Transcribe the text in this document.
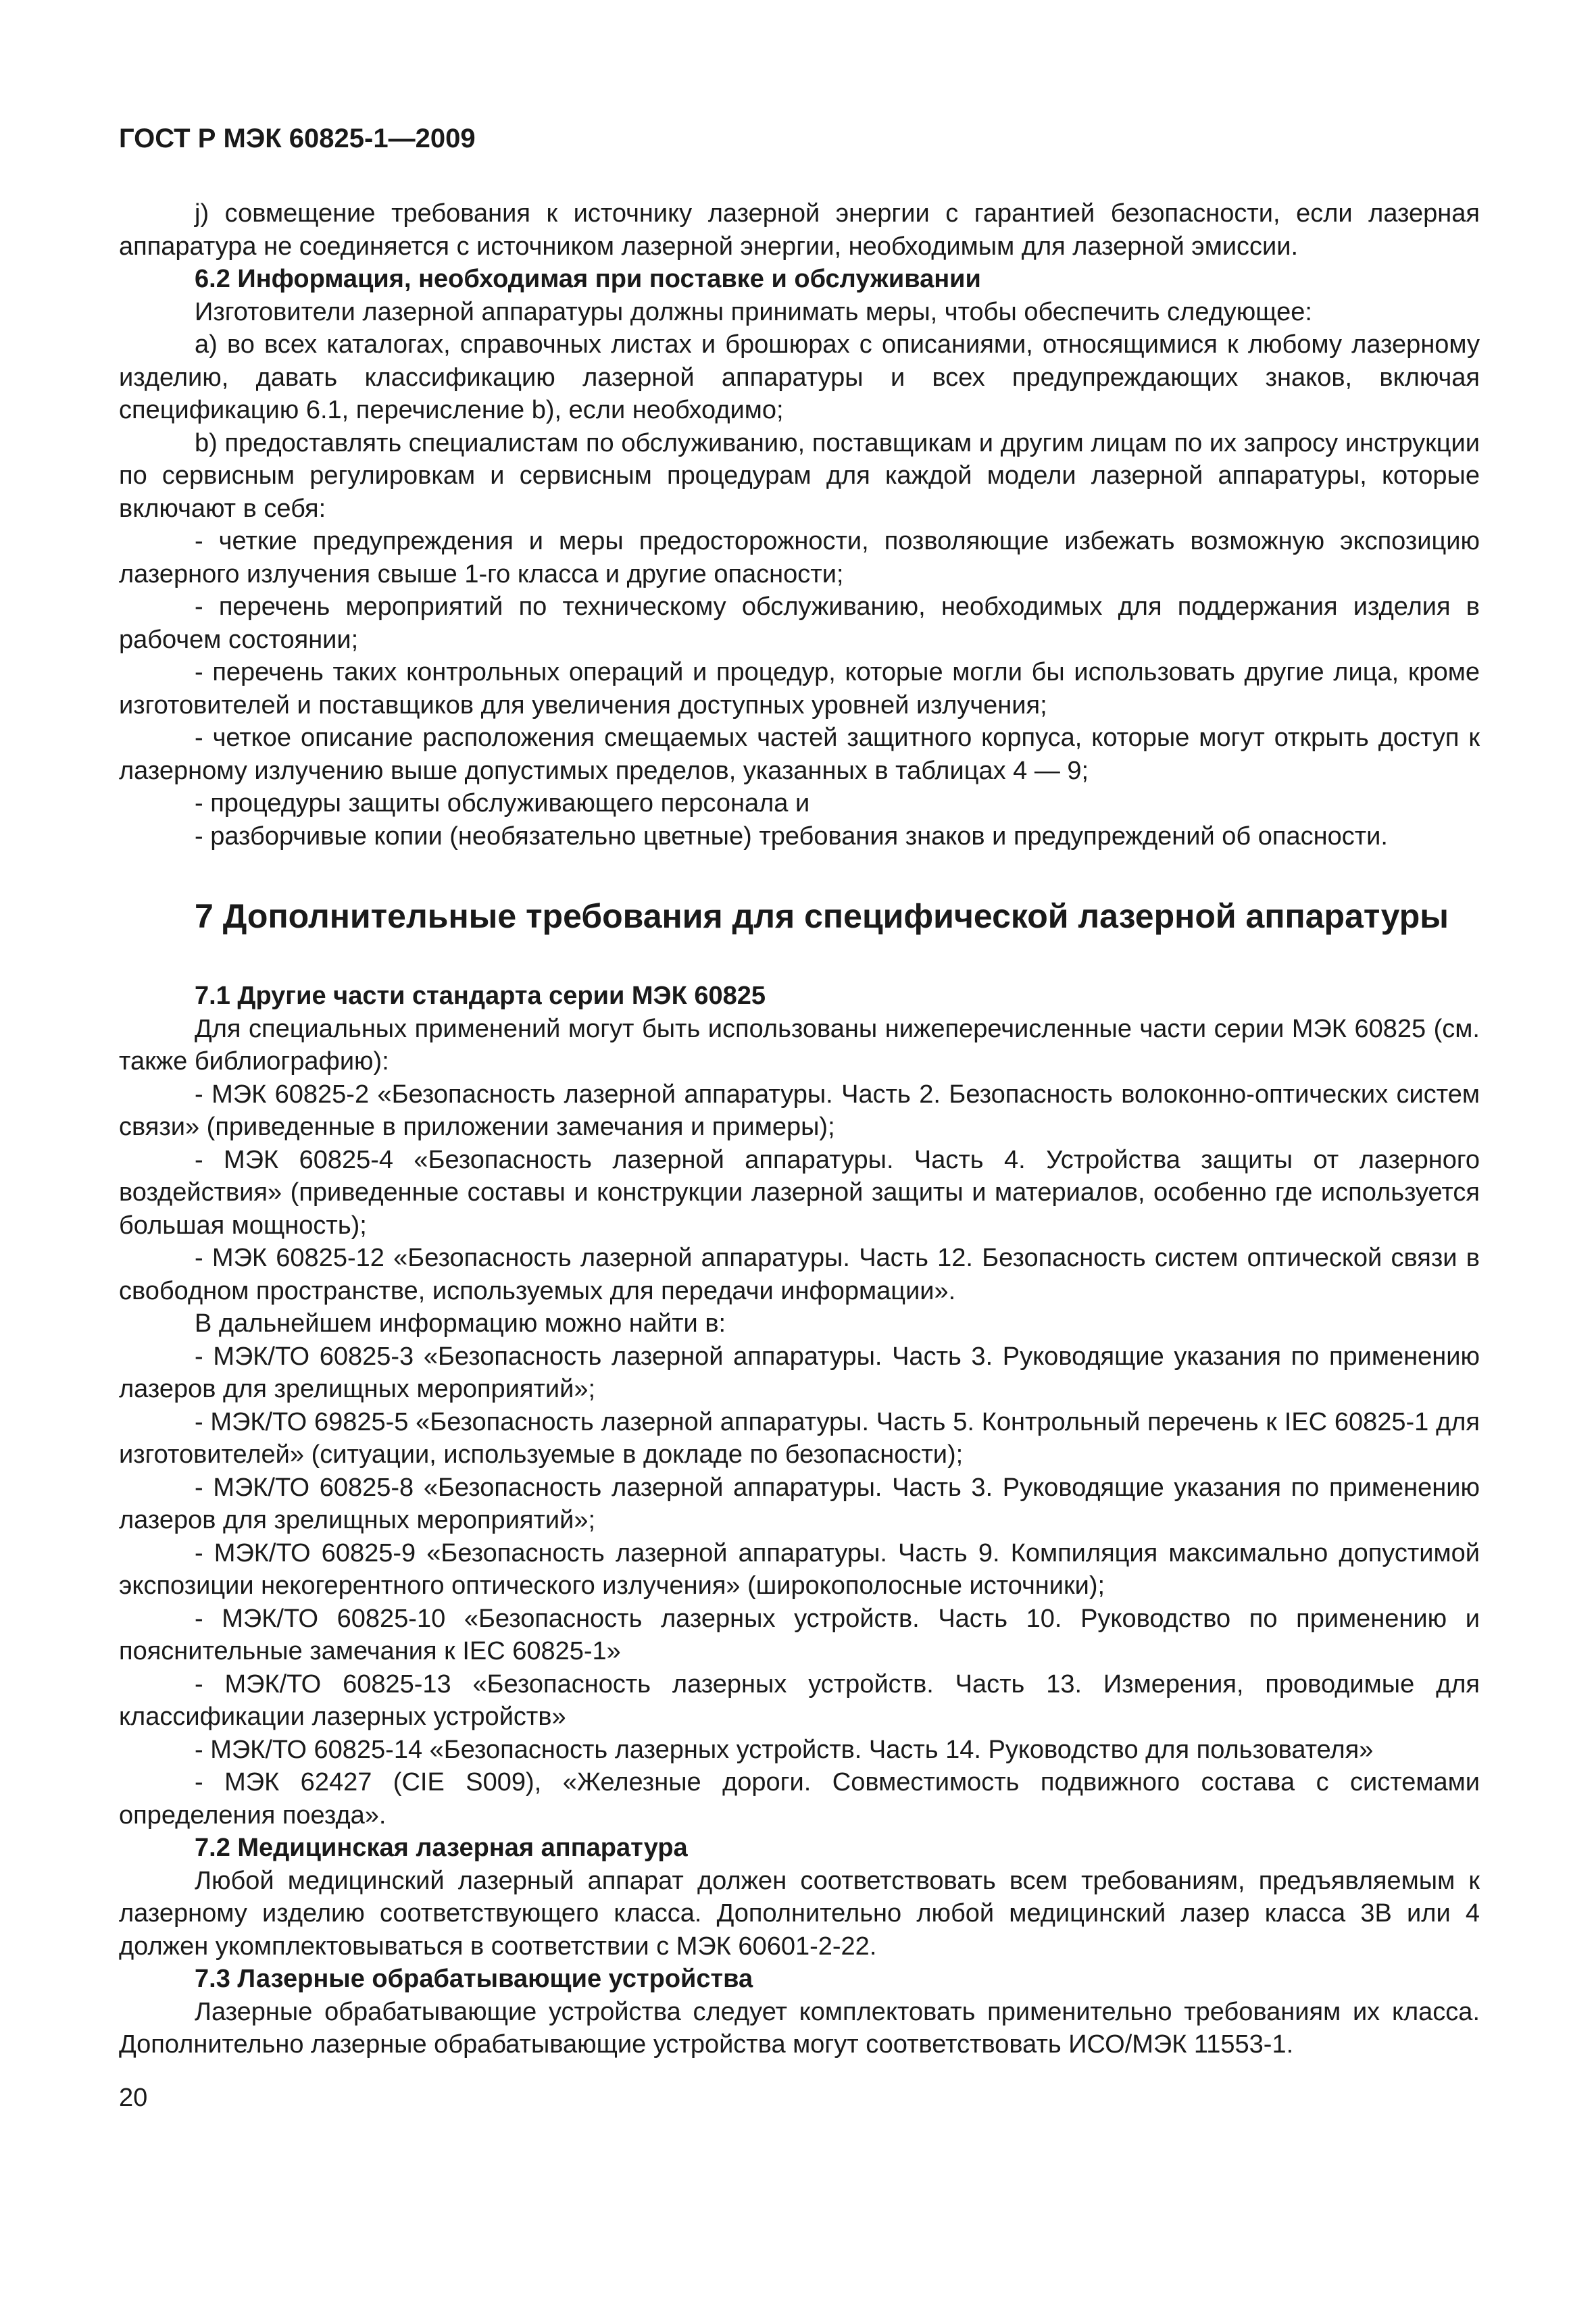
ГОСТ Р МЭК 60825-1—2009

j) совмещение требования к источнику лазерной энергии с гарантией безопасности, если лазерная аппаратура не соединяется с источником лазерной энергии, необходимым для лазерной эмиссии.

6.2 Информация, необходимая при поставке и обслуживании

Изготовители лазерной аппаратуры должны принимать меры, чтобы обеспечить следующее:

а) во всех каталогах, справочных листах и брошюрах с описаниями, относящимися к любому лазерному изделию, давать классификацию лазерной аппаратуры и всех предупреждающих знаков, включая спецификацию 6.1, перечисление b), если необходимо;

b) предоставлять специалистам по обслуживанию, поставщикам и другим лицам по их запросу инструкции по сервисным регулировкам и сервисным процедурам для каждой модели лазерной аппаратуры, которые включают в себя:

- четкие предупреждения и меры предосторожности, позволяющие избежать возможную экспозицию лазерного излучения свыше 1-го класса и другие опасности;

- перечень мероприятий по техническому обслуживанию, необходимых для поддержания изделия в рабочем состоянии;

- перечень таких контрольных операций и процедур, которые могли бы использовать другие лица, кроме изготовителей и поставщиков для увеличения доступных уровней излучения;

- четкое описание расположения смещаемых частей защитного корпуса, которые могут открыть доступ к лазерному излучению выше допустимых пределов, указанных в таблицах 4 — 9;

- процедуры защиты обслуживающего персонала и

- разборчивые копии (необязательно цветные) требования знаков и предупреждений об опасности.

7 Дополнительные требования для специфической лазерной аппаратуры

7.1 Другие части стандарта серии МЭК 60825

Для специальных применений могут быть использованы нижеперечисленные части серии МЭК 60825 (см. также библиографию):

- МЭК 60825-2 «Безопасность лазерной аппаратуры. Часть 2. Безопасность волоконно-оптических систем связи» (приведенные в приложении замечания и примеры);

- МЭК 60825-4 «Безопасность лазерной аппаратуры. Часть 4. Устройства защиты от лазерного воздействия» (приведенные составы и конструкции лазерной защиты и материалов, особенно где используется большая мощность);

- МЭК 60825-12 «Безопасность лазерной аппаратуры. Часть 12. Безопасность систем оптической связи в свободном пространстве, используемых для передачи информации».

В дальнейшем информацию можно найти в:

- МЭК/ТО 60825-3 «Безопасность лазерной аппаратуры. Часть 3. Руководящие указания по применению лазеров для зрелищных мероприятий»;

- МЭК/ТО 69825-5 «Безопасность лазерной аппаратуры. Часть 5. Контрольный перечень к IEC 60825-1 для изготовителей» (ситуации, используемые в докладе по безопасности);

- МЭК/ТО 60825-8 «Безопасность лазерной аппаратуры. Часть 3. Руководящие указания по применению лазеров для зрелищных мероприятий»;

- МЭК/ТО 60825-9 «Безопасность лазерной аппаратуры. Часть 9. Компиляция максимально допустимой экспозиции некогерентного оптического излучения» (широкополосные источники);

- МЭК/ТО 60825-10 «Безопасность лазерных устройств. Часть 10. Руководство по применению и пояснительные замечания к IEC 60825-1»

- МЭК/ТО 60825-13 «Безопасность лазерных устройств. Часть 13. Измерения, проводимые для классификации лазерных устройств»

- МЭК/ТО 60825-14 «Безопасность лазерных устройств. Часть 14. Руководство для пользователя»

- МЭК 62427 (CIE S009), «Железные дороги. Совместимость подвижного состава с системами определения поезда».

7.2 Медицинская лазерная аппаратура

Любой медицинский лазерный аппарат должен соответствовать всем требованиям, предъявляемым к лазерному изделию соответствующего класса. Дополнительно любой медицинский лазер класса 3В или 4 должен укомплектовываться в соответствии с МЭК 60601-2-22.

7.3 Лазерные обрабатывающие устройства

Лазерные обрабатывающие устройства следует комплектовать применительно требованиям их класса. Дополнительно лазерные обрабатывающие устройства могут соответствовать ИСО/МЭК 11553-1.

20
